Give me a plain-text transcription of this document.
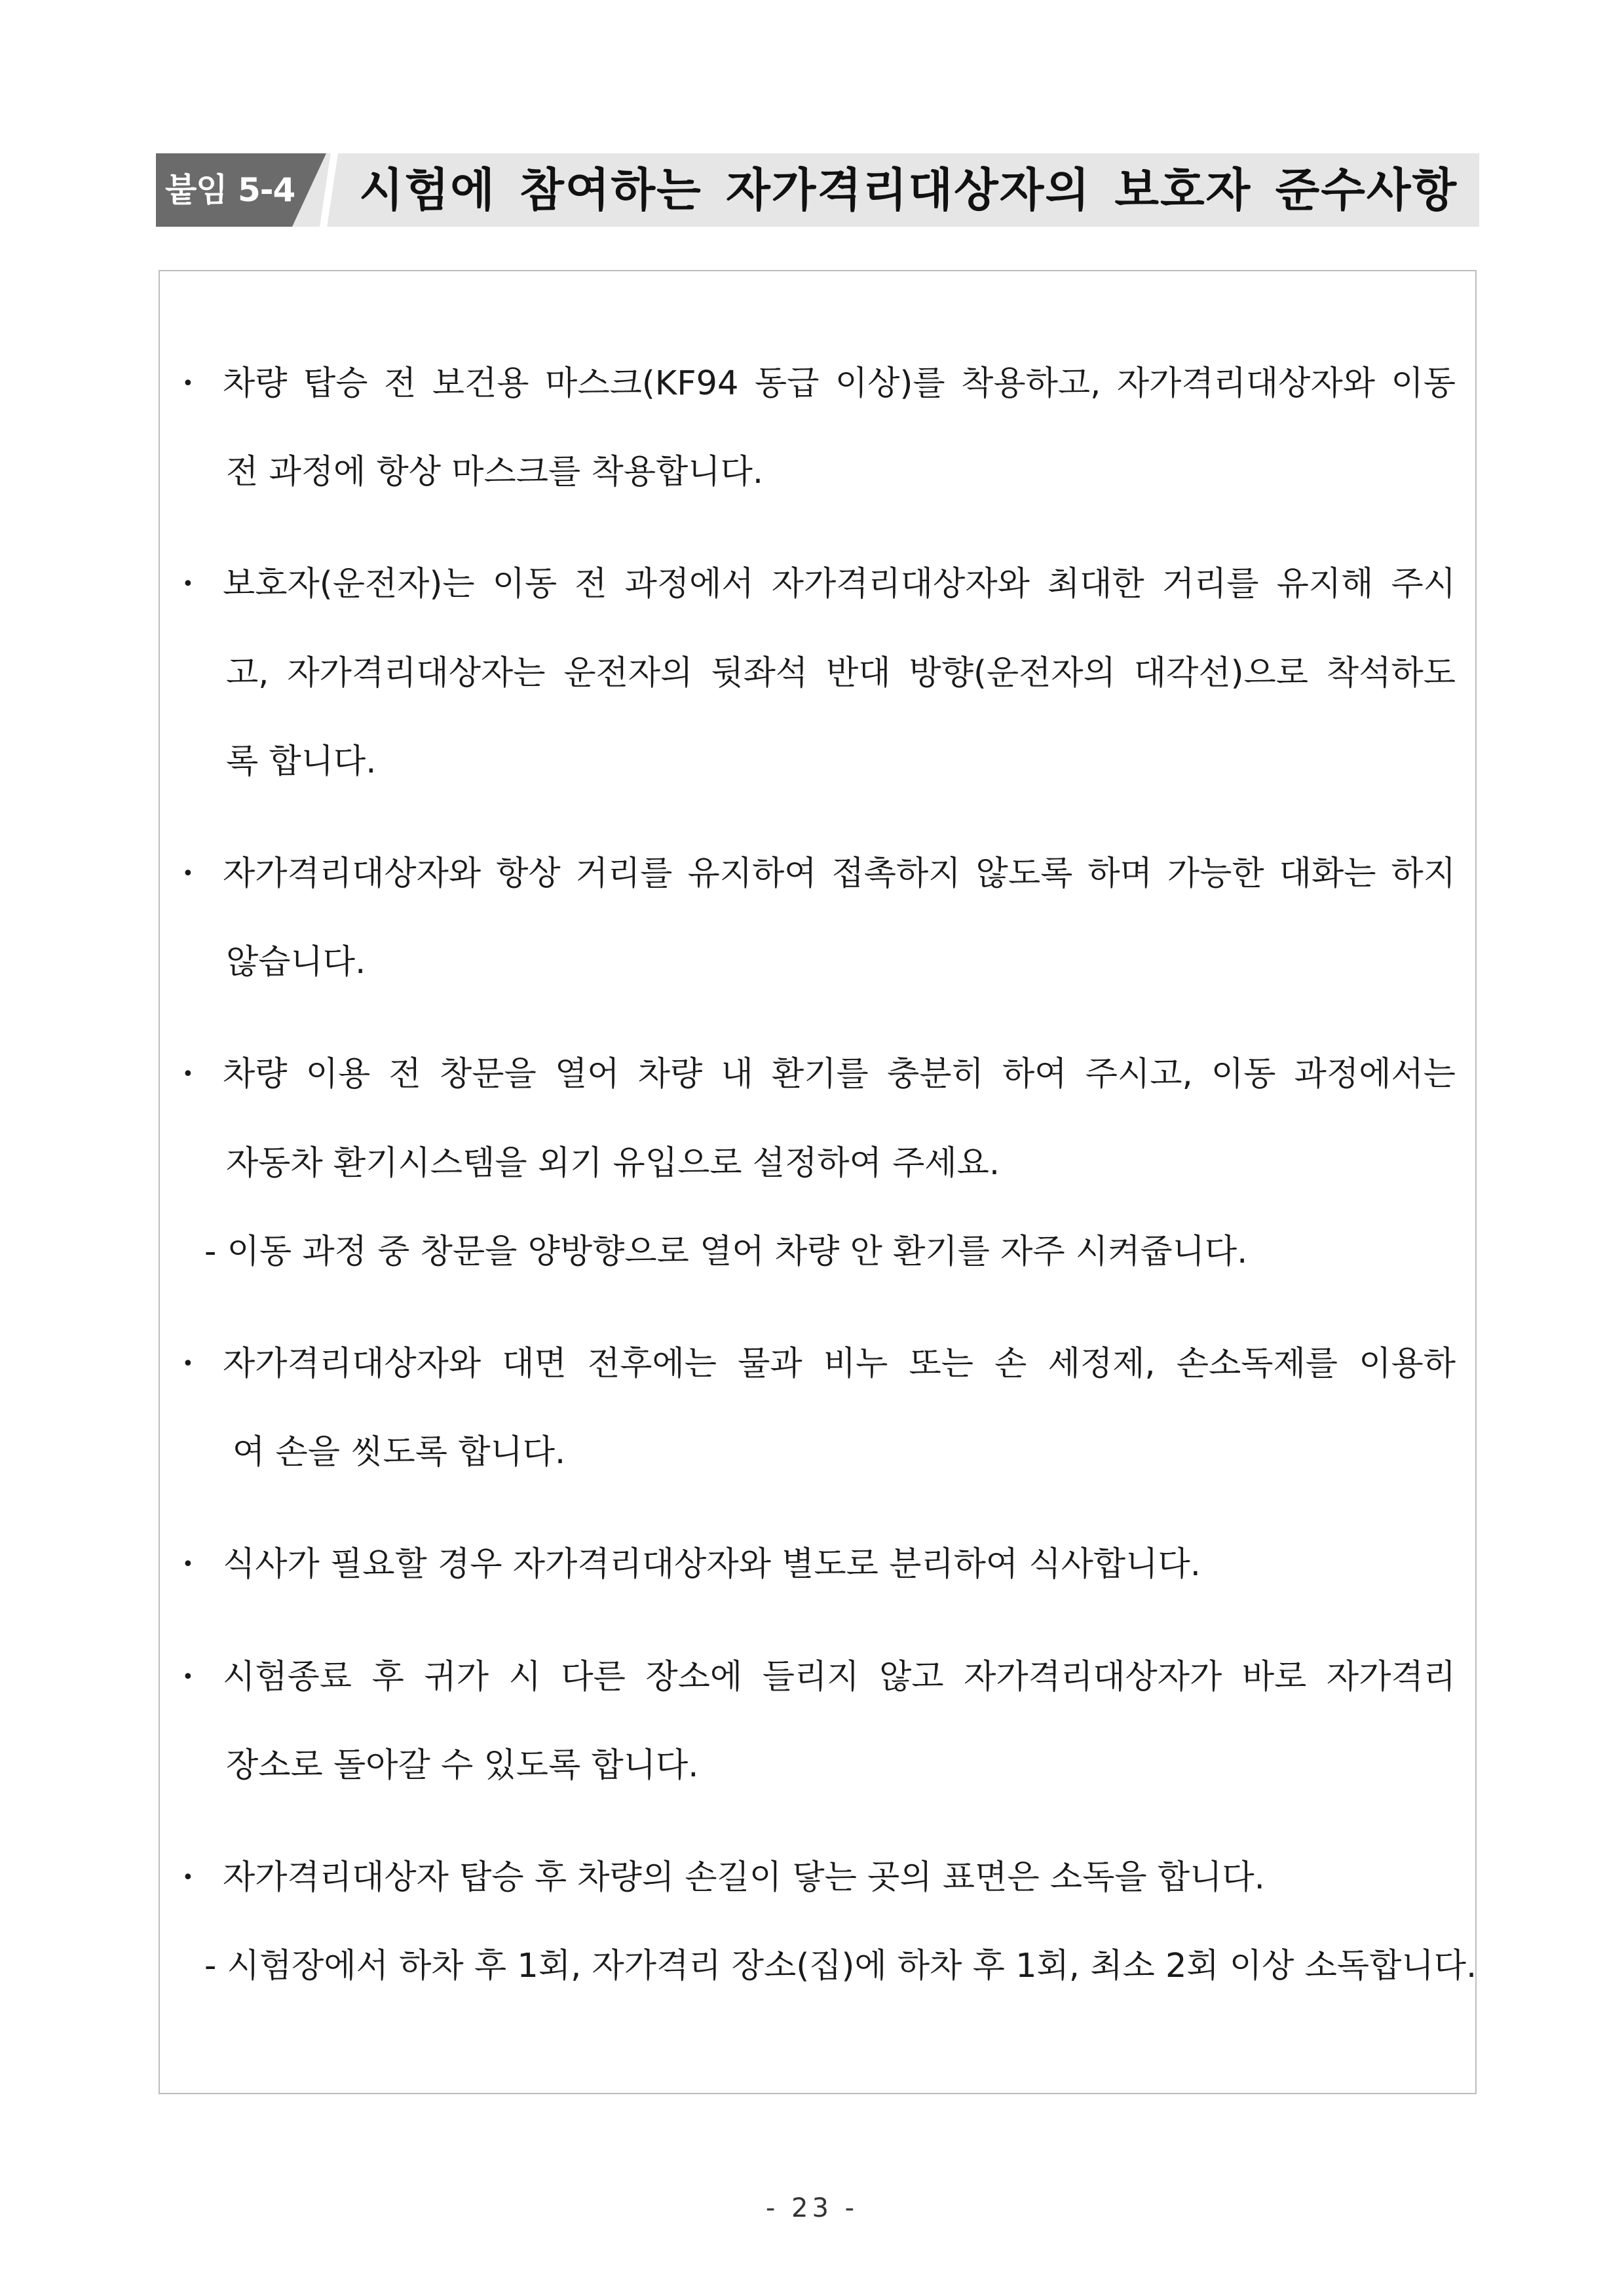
붙임 5-4 시험에 참여하는 자가격리대상자의 보호자 준수사항
• 차량 탑승 전 보건용 마스크(KF94 동급 이상)를 착용하고, 자가격리대상자와 이동
전 과정에 항상 마스크를 착용합니다.
• 보호자(운전자)는 이동 전 과정에서 자가격리대상자와 최대한 거리를 유지해 주시
고, 자가격리대상자는 운전자의 뒷좌석 반대 방향(운전자의 대각선)으로 착석하도
록 합니다.
• 자가격리대상자와 항상 거리를 유지하여 접촉하지 않도록 하며 가능한 대화는 하지
않습니다.
• 차량 이용 전 창문을 열어 차량 내 환기를 충분히 하여 주시고, 이동 과정에서는
자동차 환기시스템을 외기 유입으로 설정하여 주세요.
- 이동 과정 중 창문을 양방향으로 열어 차량 안 환기를 자주 시켜줍니다.
• 자가격리대상자와 대면 전후에는 물과 비누 또는 손 세정제, 손소독제를 이용하
여 손을 씻도록 합니다.
• 식사가 필요할 경우 자가격리대상자와 별도로 분리하여 식사합니다.
• 시험종료 후 귀가 시 다른 장소에 들리지 않고 자가격리대상자가 바로 자가격리
장소로 돌아갈 수 있도록 합니다.
• 자가격리대상자 탑승 후 차량의 손길이 닿는 곳의 표면은 소독을 합니다.
- 시험장에서 하차 후 1회, 자가격리 장소(집)에 하차 후 1회, 최소 2회 이상 소독합니다.
- 23 -
